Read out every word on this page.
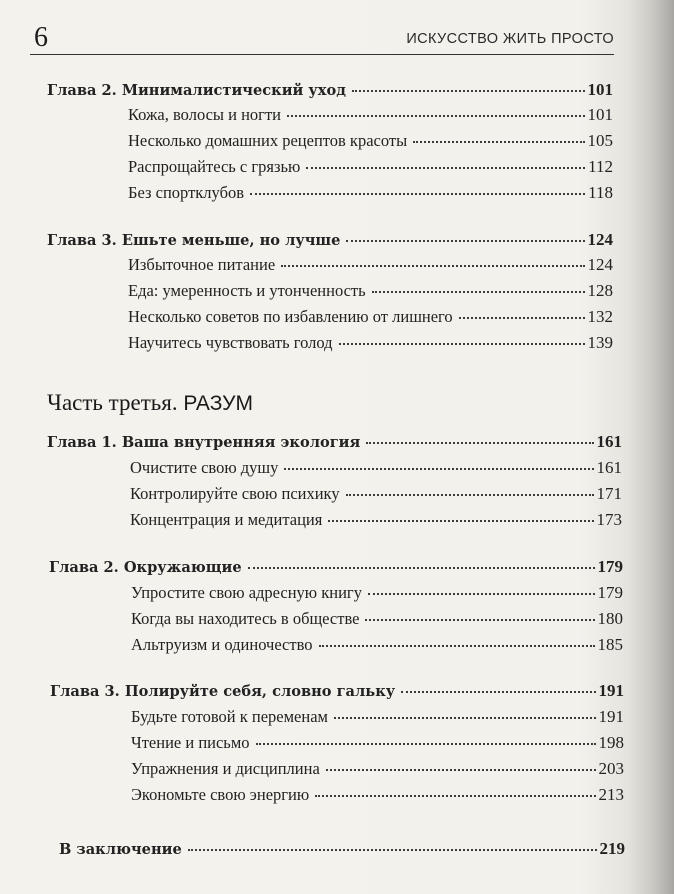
6	ИСКУССТВО ЖИТЬ ПРОСТО
Глава 2. Минималистический уход	101
Кожа, волосы и ногти	101
Несколько домашних рецептов красоты	105
Распрощайтесь с грязью	112
Без спортклубов	118
Глава 3. Ешьте меньше, но лучше	124
Избыточное питание	124
Еда: умеренность и утонченность	128
Несколько советов по избавлению от лишнего	132
Научитесь чувствовать голод	139
Часть третья. РАЗУМ
Глава 1. Ваша внутренняя экология	161
Очистите свою душу	161
Контролируйте свою психику	171
Концентрация и медитация	173
Глава 2. Окружающие	179
Упростите свою адресную книгу	179
Когда вы находитесь в обществе	180
Альтруизм и одиночество	185
Глава 3. Полируйте себя, словно гальку	191
Будьте готовой к переменам	191
Чтение и письмо	198
Упражнения и дисциплина	203
Экономьте свою энергию	213
В заключение	219
